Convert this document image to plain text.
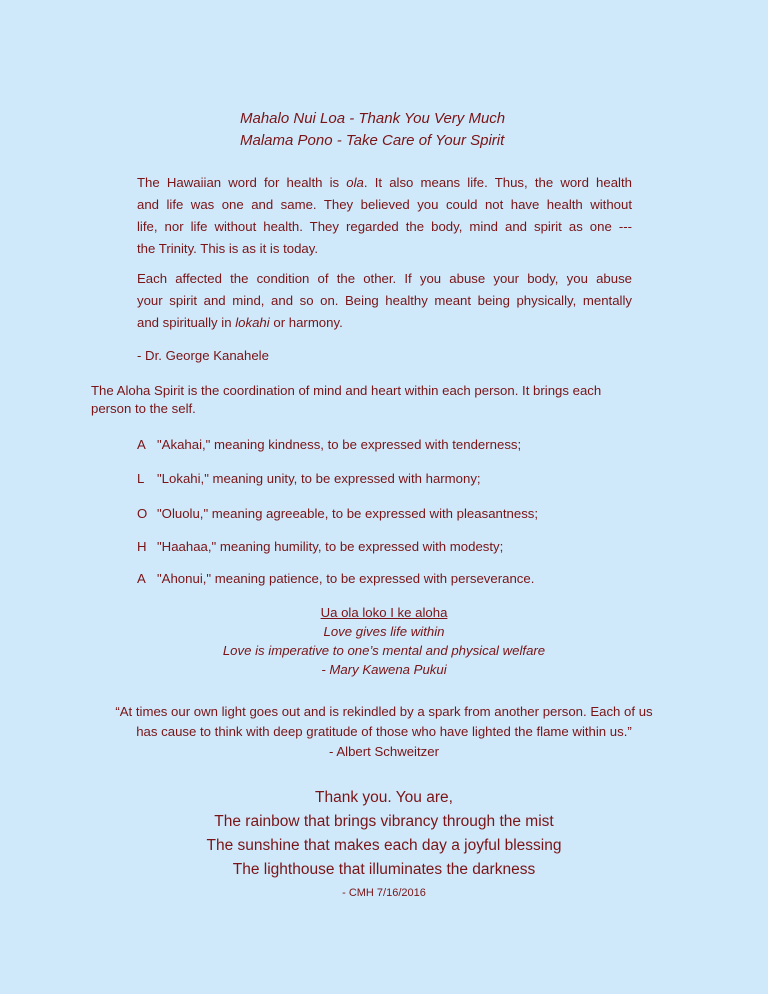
Mahalo Nui Loa - Thank You Very Much
Malama Pono - Take Care of Your Spirit
The Hawaiian word for health is ola. It also means life. Thus, the word health
and life was one and same. They believed you could not have health without
life, nor life without health. They regarded the body, mind and spirit as one ---
the Trinity. This is as it is today.
Each affected the condition of the other. If you abuse your body, you abuse
your spirit and mind, and so on. Being healthy meant being physically, mentally
and spiritually in lokahi or harmony.
- Dr. George Kanahele
The Aloha Spirit is the coordination of mind and heart within each person. It brings each
person to the self.
A "Akahai," meaning kindness, to be expressed with tenderness;
L "Lokahi," meaning unity, to be expressed with harmony;
O "Oluolu," meaning agreeable, to be expressed with pleasantness;
H "Haahaa," meaning humility, to be expressed with modesty;
A "Ahonui," meaning patience, to be expressed with perseverance.
Ua ola loko I ke aloha
Love gives life within
Love is imperative to one’s mental and physical welfare
- Mary Kawena Pukui
“At times our own light goes out and is rekindled by a spark from another person. Each of us
has cause to think with deep gratitude of those who have lighted the flame within us.”
- Albert Schweitzer
Thank you. You are,
The rainbow that brings vibrancy through the mist
The sunshine that makes each day a joyful blessing
The lighthouse that illuminates the darkness
- CMH 7/16/2016
